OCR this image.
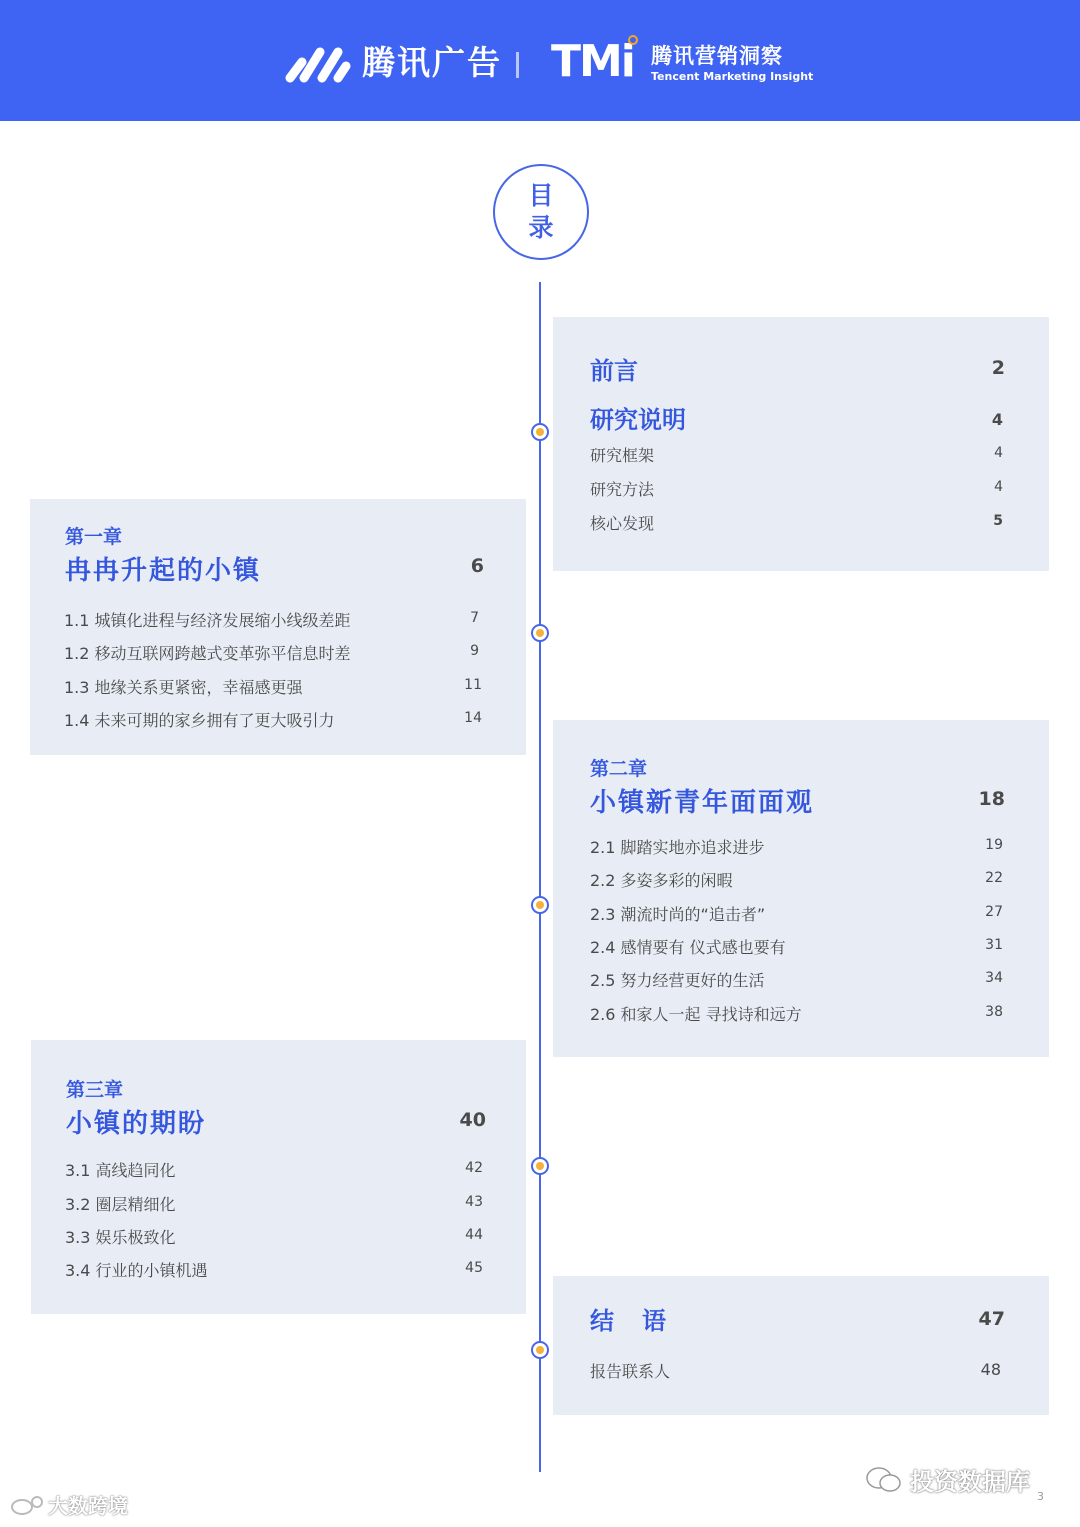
腾讯广告 TMi 腾讯营销洞察
Tencent Marketing Insight
目
录
前言	2
研究说明	4
研究框架	4
研究方法	4
核心发现	5
第一章
冉冉升起的小镇	6
1.1 城镇化进程与经济发展缩小线级差距	7
1.2 移动互联网跨越式变革弥平信息时差	9
1.3 地缘关系更紧密，幸福感更强	11
1.4 未来可期的家乡拥有了更大吸引力	14
第二章
小镇新青年面面观	18
2.1 脚踏实地亦追求进步	19
2.2 多姿多彩的闲暇	22
2.3 潮流时尚的“追击者”	27
2.4 感情要有 仪式感也要有	31
2.5 努力经营更好的生活	34
2.6 和家人一起 寻找诗和远方	38
第三章
小镇的期盼	40
3.1 高线趋同化	42
3.2 圈层精细化	43
3.3 娱乐极致化	44
3.4 行业的小镇机遇	45
结　语	47
报告联系人	48
大数跨境
投资数据库
3
